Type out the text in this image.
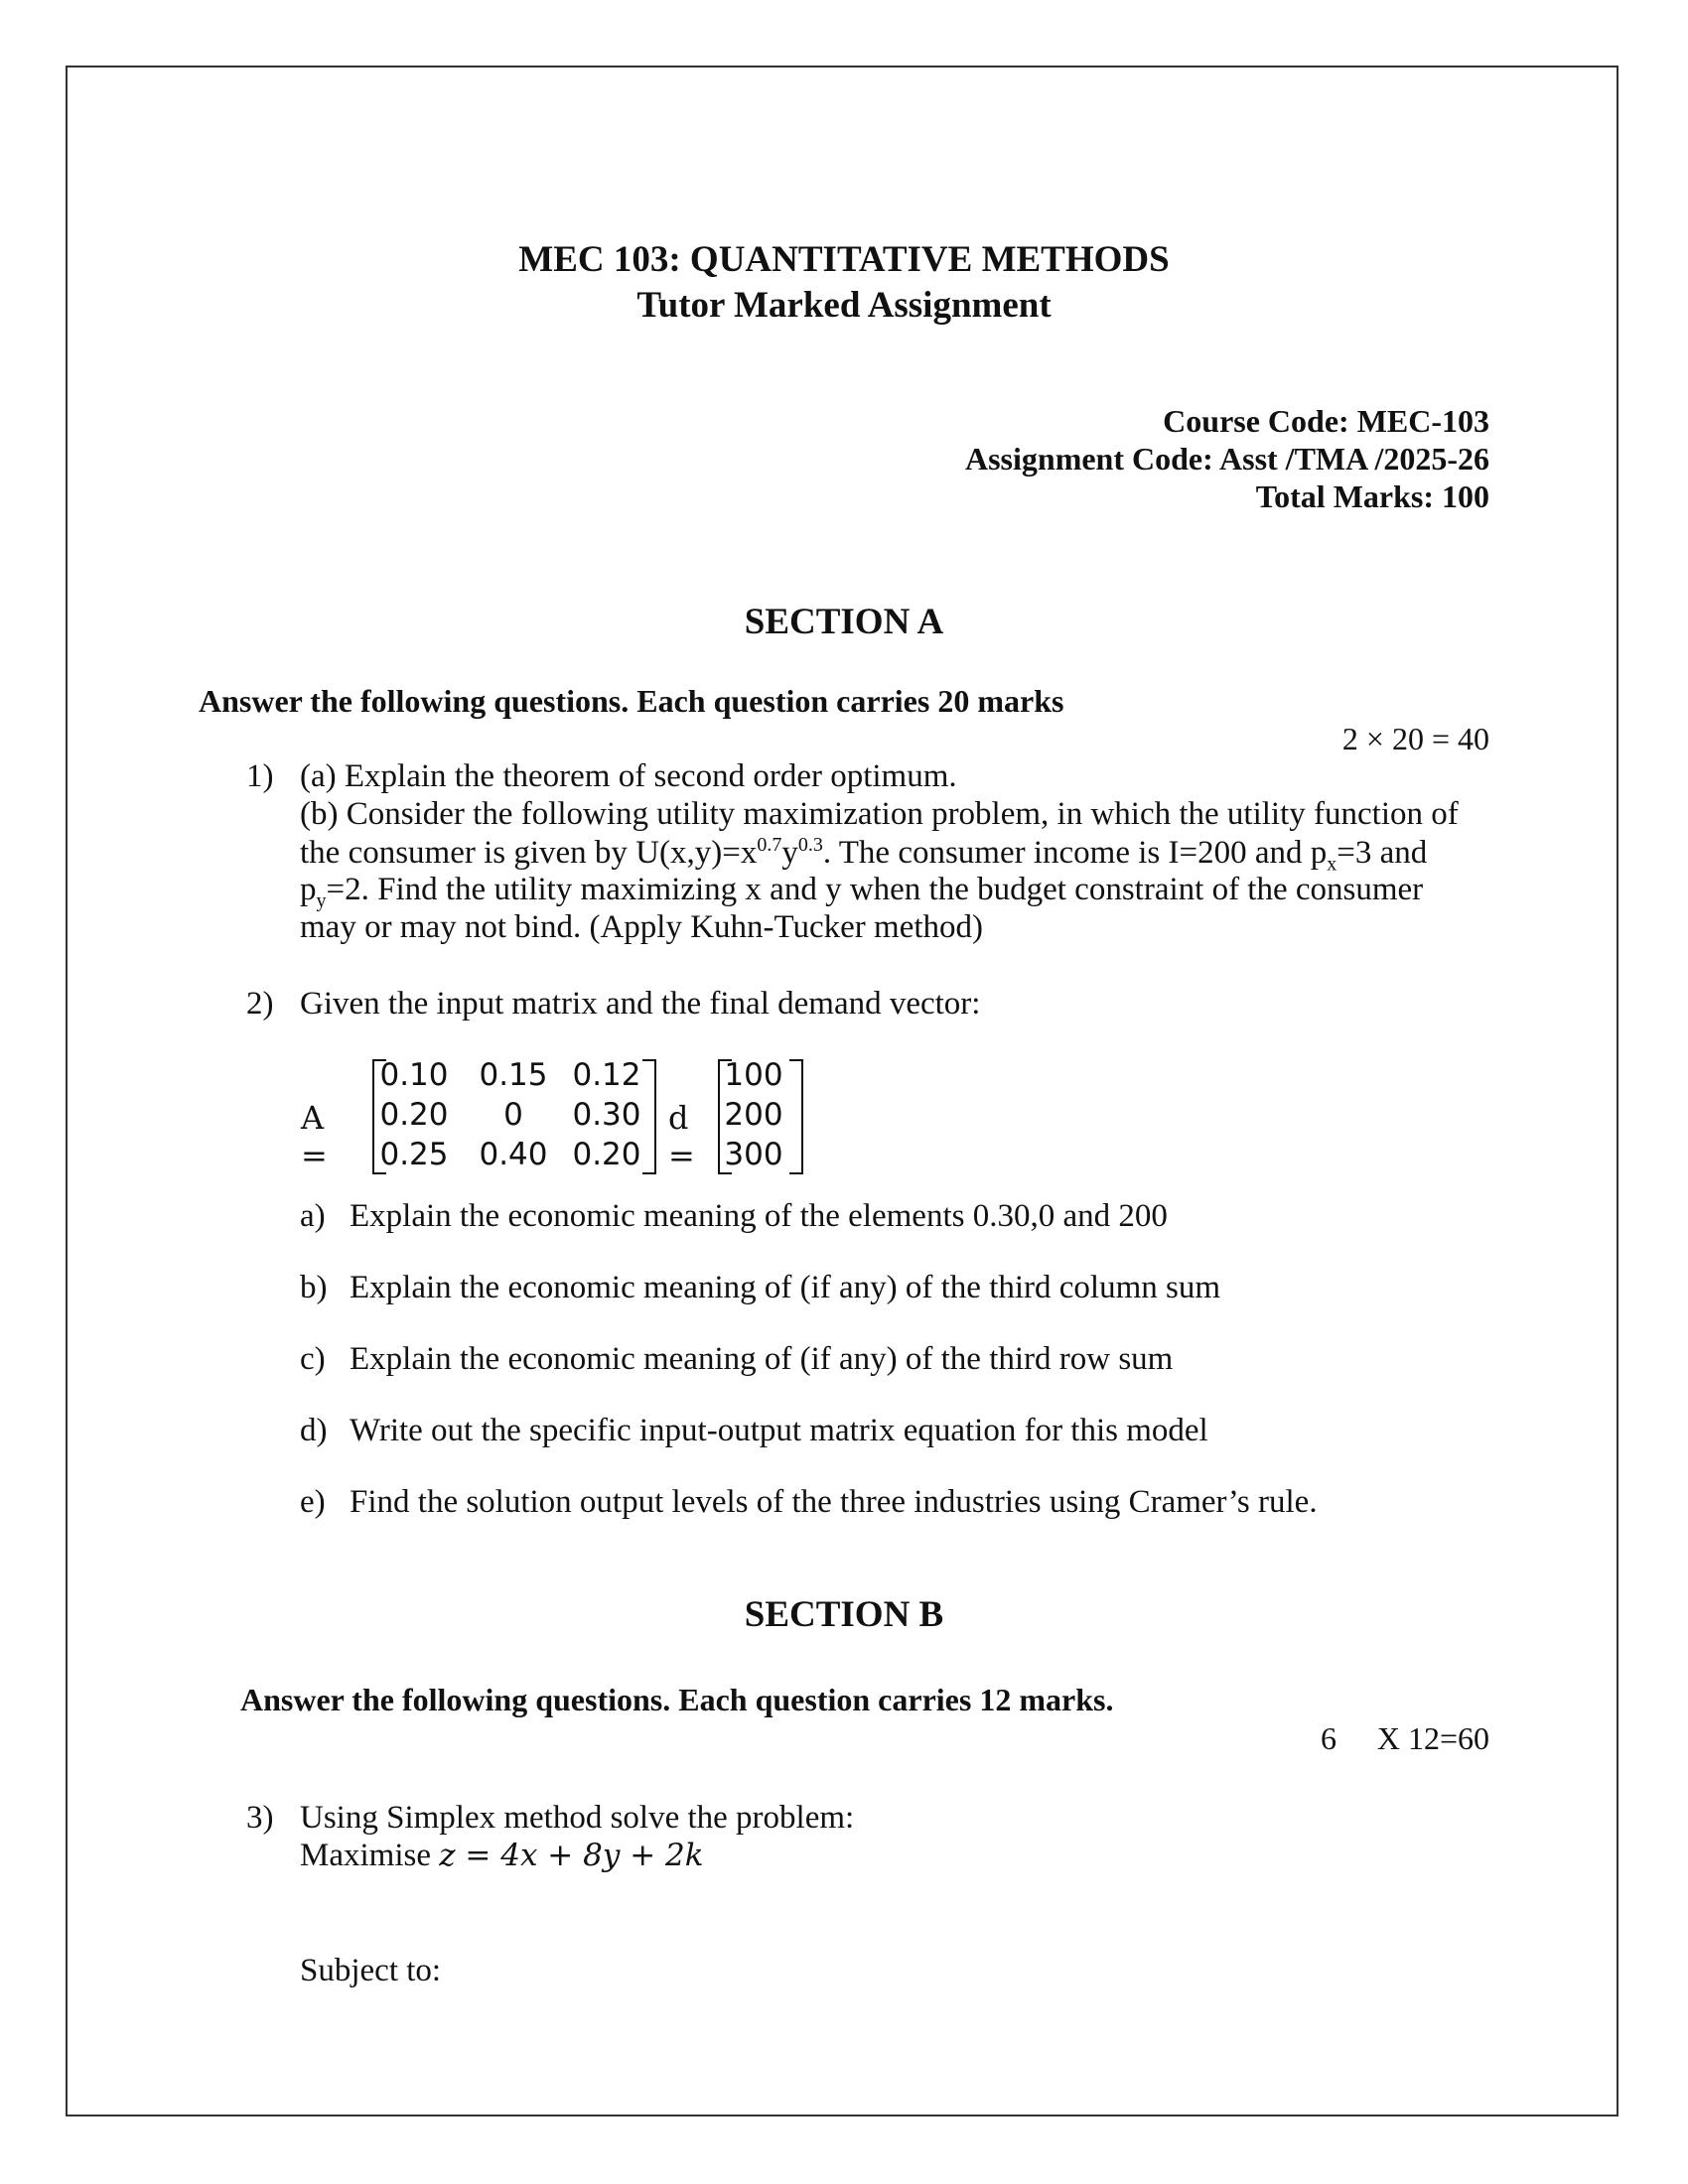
MEC 103: QUANTITATIVE METHODS
Tutor Marked Assignment
Course Code: MEC-103
Assignment Code: Asst /TMA /2025-26
Total Marks: 100
SECTION A
Answer the following questions. Each question carries 20 marks
2 × 20 = 40
1) (a) Explain the theorem of second order optimum.
(b) Consider the following utility maximization problem, in which the utility function of
the consumer is given by $U(x,y)=x^{0.7}y^{0.3}$. The consumer income is I=200 and $p_x=3$ and
$p_y=2$. Find the utility maximizing x and y when the budget constraint of the consumer
may or may not bind. (Apply Kuhn-Tucker method)
2) Given the input matrix and the final demand vector:
A =
0.10 0.15 0.12
0.20	0	0.30
0.25 0.40 0.20
d =
100
200
300
a) Explain the economic meaning of the elements 0.30,0 and 200
b) Explain the economic meaning of (if any) of the third column sum
c) Explain the economic meaning of (if any) of the third row sum
d) Write out the specific input-output matrix equation for this model
e) Find the solution output levels of the three industries using Cramer’s rule.
SECTION B
Answer the following questions. Each question carries 12 marks.
6 X 12=60
3) Using Simplex method solve the problem:
Maximise z = 4x + 8y + 2k
Subject to:
